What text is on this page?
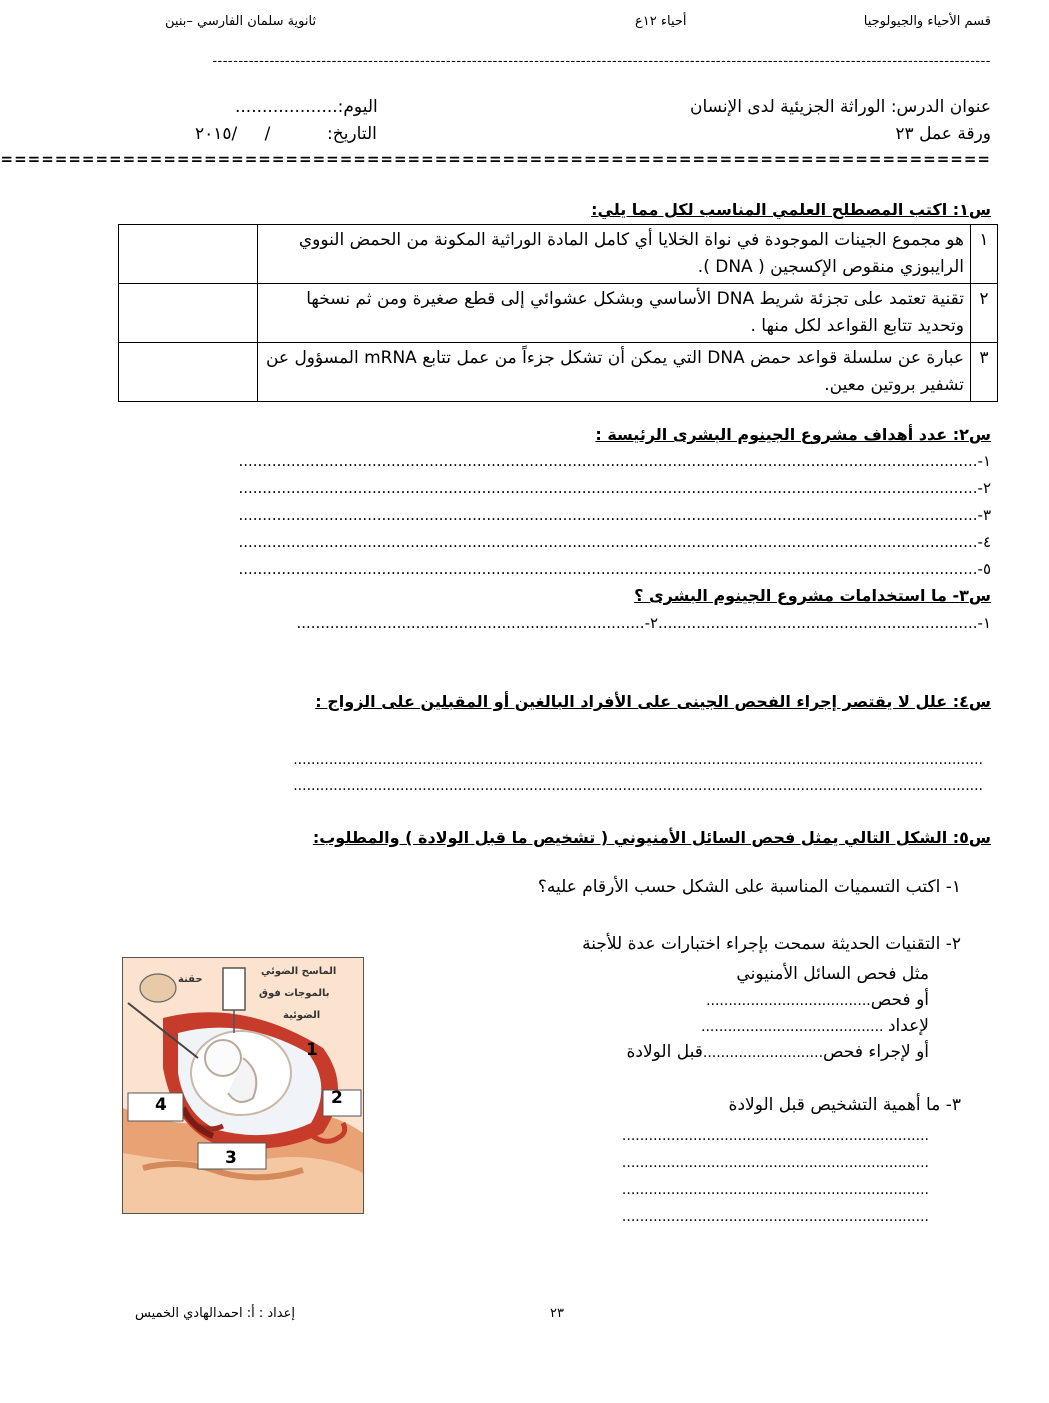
قسم الأحياء والجيولوجيا
أحياء ١٢ع
ثانوية سلمان الفارسي –بنين
------------------------------------------------------------------------------------------------------------------------------------------------------
عنوان الدرس: الوراثة الجزيئية لدى الإنسان
ورقة عمل ٢٣
اليوم:...................
التاريخ:
/ /٢٠١٥
=========================================================================
س١: اكتب المصطلح العلمي المناسب لكل مما يلي:
١	هو مجموع الجينات الموجودة في نواة الخلايا أي كامل المادة الوراثية المكونة من الحمض النووي الرايبوزي منقوص الإكسجين ( DNA ).	
٢	تقنية تعتمد على تجزئة شريط DNA الأساسي وبشكل عشوائي إلى قطع صغيرة ومن ثم نسخها وتحديد تتابع القواعد لكل منها .	
٣	عبارة عن سلسلة قواعد حمض DNA التي يمكن أن تشكل جزءاً من عمل تتابع mRNA المسؤول عن تشفير بروتين معين.	
س٢: عدد أهداف مشروع الجينوم البشرى الرئيسة :
١-...........................................................................................................................................................
٢-...........................................................................................................................................................
٣-...........................................................................................................................................................
٤-...........................................................................................................................................................
٥-...........................................................................................................................................................
س٣- ما استخدامات مشروع الجينوم البشرى ؟
١-...................................................................٢-.........................................................................
س٤: علل لا يقتصر إجراء الفحص الجينى على الأفراد البالغين أو المقبلين على الزواج :
...........................................................................................................................................................
...........................................................................................................................................................
س٥: الشكل التالي يمثل فحص السائل الأمنيوني ( تشخيص ما قبل الولادة ) والمطلوب:
١- اكتب التسميات المناسبة على الشكل حسب الأرقام عليه؟
٢- التقنيات الحديثة سمحت بإجراء اختبارات عدة للأجنة
مثل فحص السائل الأمنيوني
أو فحص.....................................
لإعداد .........................................
أو لإجراء فحص...........................قبل الولادة
٣- ما أهمية التشخيص قبل الولادة
.....................................................................
.....................................................................
.....................................................................
.....................................................................
حقنة
الماسح الضوئي
بالموجات فوق
الضوئية
1
2
3
4
إعداد : أ: احمدالهادي الخميس	٢٣
